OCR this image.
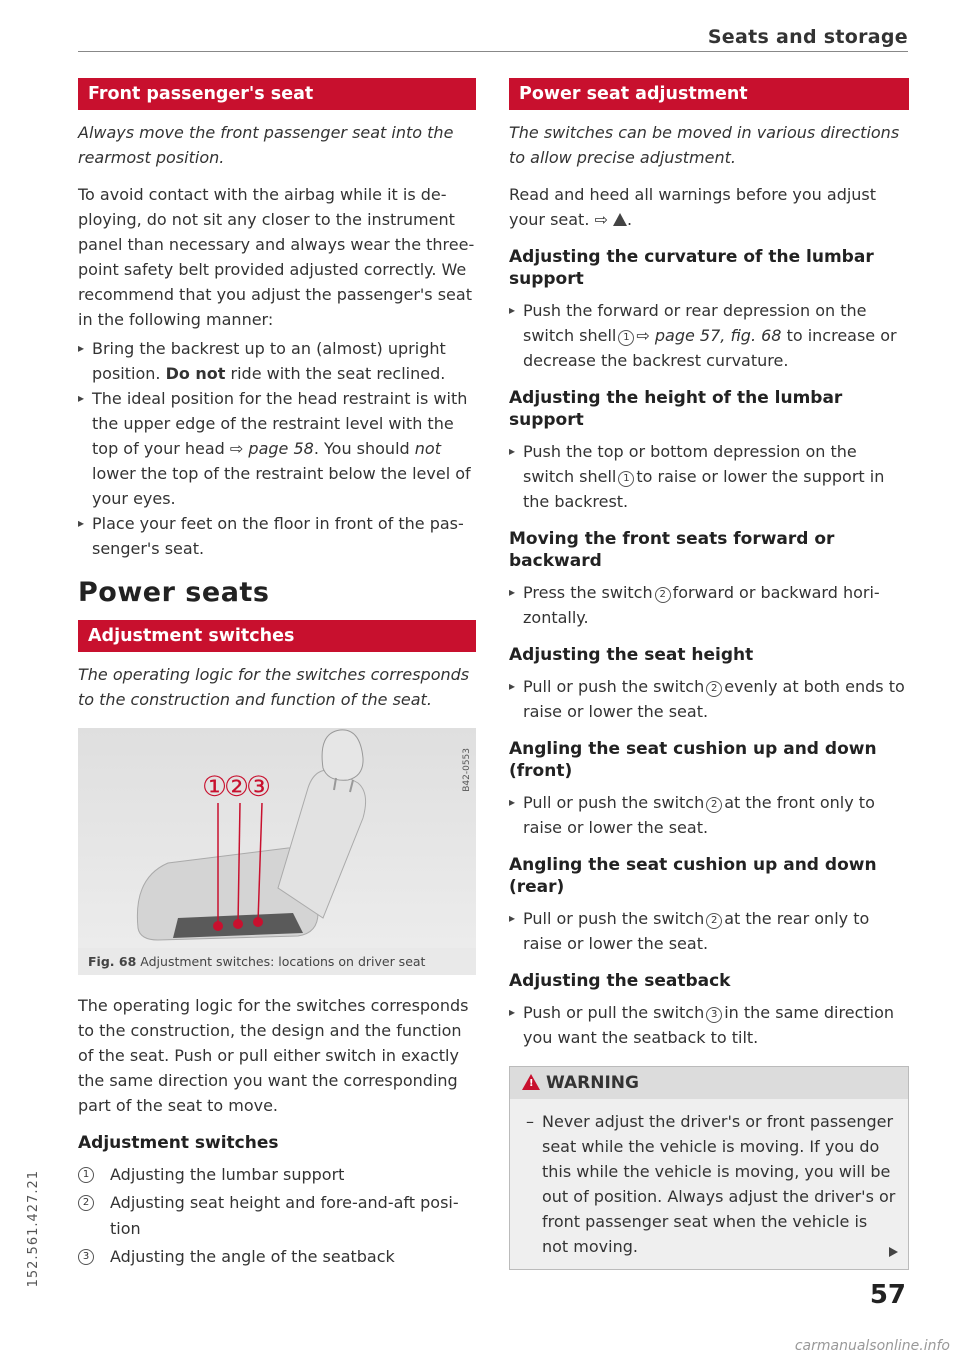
Seats and storage
Front passenger's seat

Always move the front passenger seat into the rearmost position.

To avoid contact with the airbag while it is de-ploying, do not sit any closer to the instrument panel than necessary and always wear the three-point safety belt provided adjusted correctly. We recommend that you adjust the passenger's seat in the following manner:

▸ Bring the backrest up to an (almost) upright position. Do not ride with the seat reclined.
▸ The ideal position for the head restraint is with the upper edge of the restraint level with the top of your head ⇨ page 58. You should not lower the top of the restraint below the level of your eyes.
▸ Place your feet on the floor in front of the pas-senger's seat.
Power seats
Adjustment switches

The operating logic for the switches corresponds to the construction and function of the seat.

①
②
③	B42-0553
Fig. 68 Adjustment switches: locations on driver seat

The operating logic for the switches corresponds to the construction, the design and the function of the seat. Push or pull either switch in exactly the same direction you want the corresponding part of the seat to move.

Adjustment switches
1	Adjusting the lumbar support
2	Adjusting seat height and fore-and-aft posi-tion
3	Adjusting the angle of the seatback
Power seat adjustment

The switches can be moved in various directions to allow precise adjustment.

Read and heed all warnings before you adjust your seat. ⇨ .

Adjusting the curvature of the lumbar support
▸ Push the forward or rear depression on the switch shell 1 ⇨ page 57, fig. 68 to increase or decrease the backrest curvature.
Adjusting the height of the lumbar support
▸ Push the top or bottom depression on the switch shell 1 to raise or lower the support in the backrest.
Moving the front seats forward or backward
▸ Press the switch 2 forward or backward hori-zontally.
Adjusting the seat height
▸ Pull or push the switch 2 evenly at both ends to raise or lower the seat.
Angling the seat cushion up and down (front)
▸ Pull or push the switch 2 at the front only to raise or lower the seat.
Angling the seat cushion up and down (rear)
▸ Pull or push the switch 2 at the rear only to raise or lower the seat.
Adjusting the seatback
▸ Push or pull the switch 3 in the same direction you want the seatback to tilt.
! WARNING
– Never adjust the driver's or front passenger seat while the vehicle is moving. If you do this while the vehicle is moving, you will be out of position. Always adjust the driver's or front passenger seat when the vehicle is not moving.
57
152.561.427.21
carmanualsonline.info
